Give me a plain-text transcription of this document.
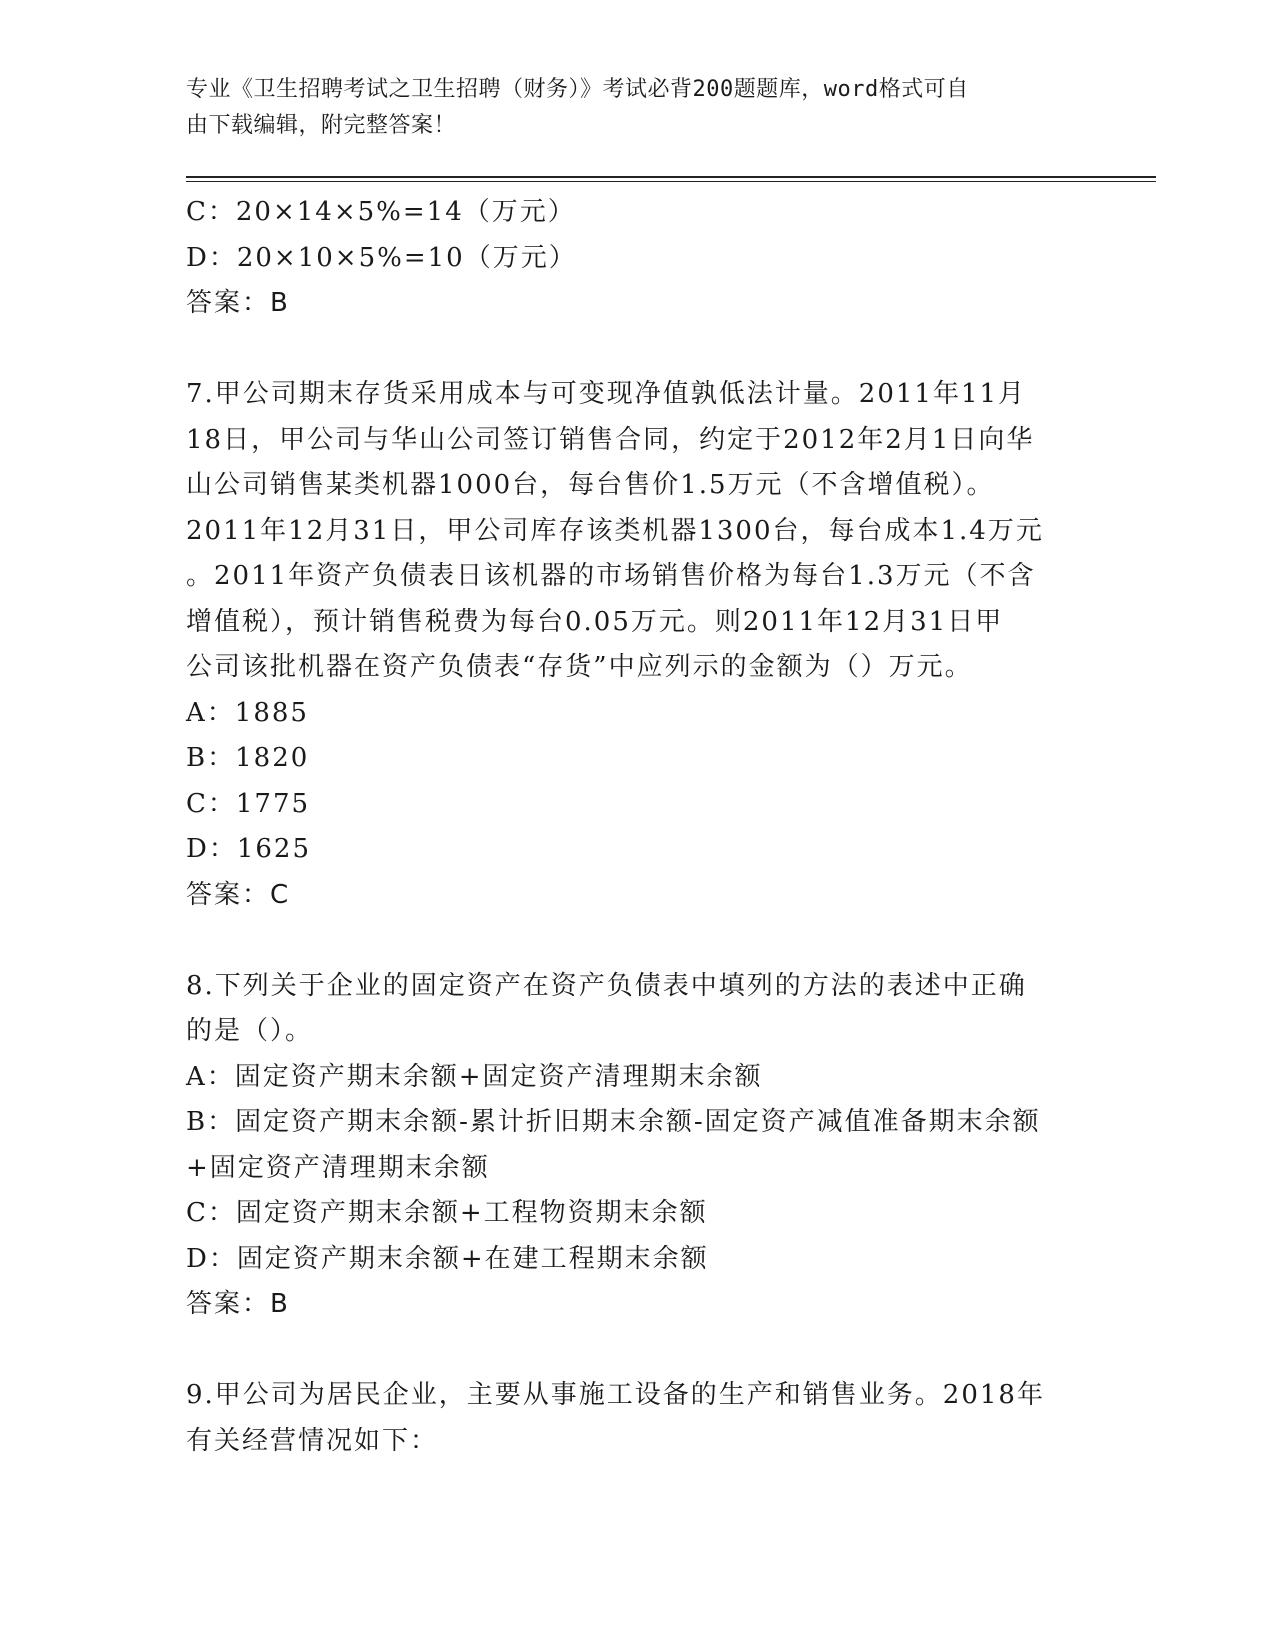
专业《卫生招聘考试之卫生招聘（财务）》考试必背200题题库，word格式可自
由下载编辑，附完整答案！
C：20×14×5%=14（万元）
D：20×10×5%=10（万元）
答案：B
7.甲公司期末存货采用成本与可变现净值孰低法计量。2011年11月
18日，甲公司与华山公司签订销售合同，约定于2012年2月1日向华
山公司销售某类机器1000台，每台售价1.5万元（不含增值税）。
2011年12月31日，甲公司库存该类机器1300台，每台成本1.4万元
。2011年资产负债表日该机器的市场销售价格为每台1.3万元（不含
增值税），预计销售税费为每台0.05万元。则2011年12月31日甲
公司该批机器在资产负债表“存货”中应列示的金额为（）万元。
A：1885
B：1820
C：1775
D：1625
答案：C
8.下列关于企业的固定资产在资产负债表中填列的方法的表述中正确
的是（）。
A：固定资产期末余额+固定资产清理期末余额
B：固定资产期末余额-累计折旧期末余额-固定资产减值准备期末余额
+固定资产清理期末余额
C：固定资产期末余额+工程物资期末余额
D：固定资产期末余额+在建工程期末余额
答案：B
9.甲公司为居民企业，主要从事施工设备的生产和销售业务。2018年
有关经营情况如下：
